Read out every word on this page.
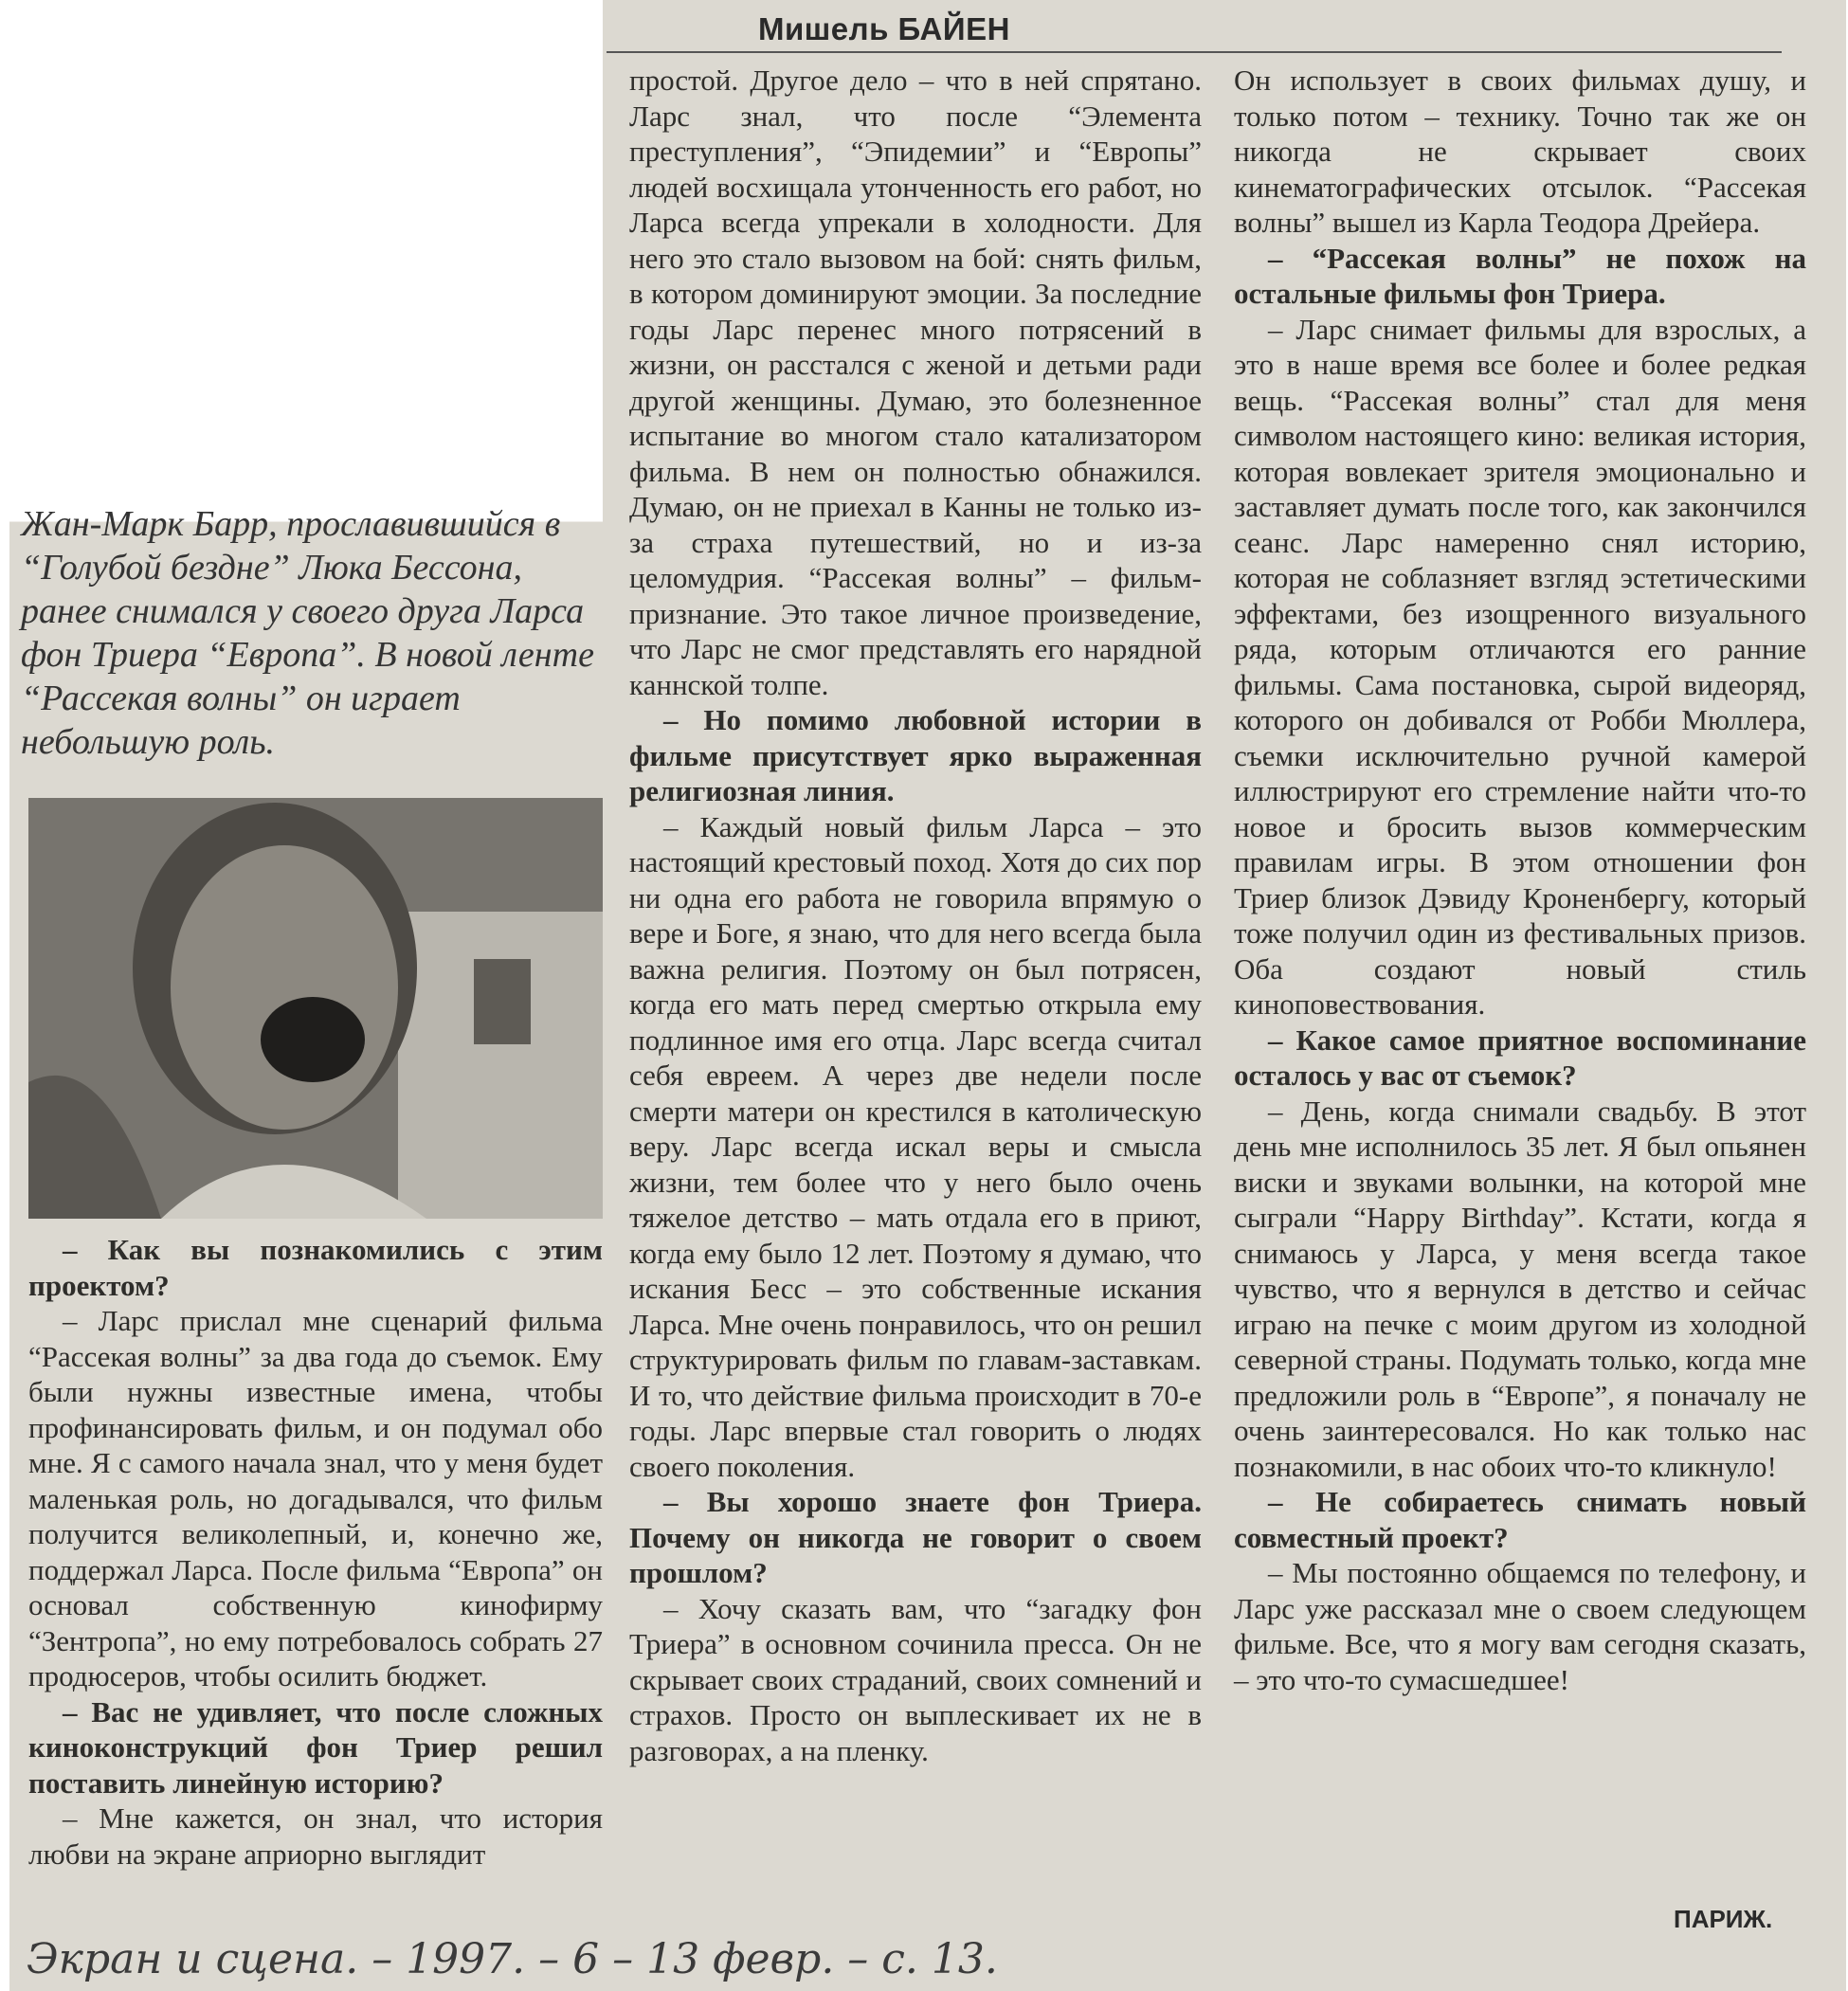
Мишель БАЙЕН
Жан-Марк Барр, прославившийся в “Голубой бездне” Люка Бессона, ранее снимался у своего друга Ларса фон Триера “Европа”. В новой ленте “Рассекая волны” он играет небольшую роль.

– Как вы познакомились с этим проектом?

– Ларс прислал мне сценарий фильма “Рассекая волны” за два года до съемок. Ему были нужны известные имена, чтобы профинансировать фильм, и он подумал обо мне. Я с самого начала знал, что у меня будет маленькая роль, но догадывался, что фильм получится великолепный, и, конечно же, поддержал Ларса. После фильма “Европа” он основал собственную кинофирму “Зентропа”, но ему потребовалось собрать 27 продюсеров, чтобы осилить бюджет.

– Вас не удивляет, что после сложных киноконструкций фон Триер решил поставить линейную историю?

– Мне кажется, он знал, что история любви на экране априорно выглядит

простой. Другое дело – что в ней спрятано. Ларс знал, что после “Элемента преступления”, “Эпидемии” и “Европы” людей восхищала утонченность его работ, но Ларса всегда упрекали в холодности. Для него это стало вызовом на бой: снять фильм, в котором доминируют эмоции. За последние годы Ларс перенес много потрясений в жизни, он расстался с женой и детьми ради другой женщины. Думаю, это болезненное испытание во многом стало катализатором фильма. В нем он полностью обнажился. Думаю, он не приехал в Канны не только из-за страха путешествий, но и из-за целомудрия. “Рассекая волны” – фильм-признание. Это такое личное произведение, что Ларс не смог представлять его нарядной каннской толпе.

– Но помимо любовной истории в фильме присутствует ярко выраженная религиозная линия.

– Каждый новый фильм Ларса – это настоящий крестовый поход. Хотя до сих пор ни одна его работа не говорила впрямую о вере и Боге, я знаю, что для него всегда была важна религия. Поэтому он был потрясен, когда его мать перед смертью открыла ему подлинное имя его отца. Ларс всегда считал себя евреем. А через две недели после смерти матери он крестился в католическую веру. Ларс всегда искал веры и смысла жизни, тем более что у него было очень тяжелое детство – мать отдала его в приют, когда ему было 12 лет. Поэтому я думаю, что искания Бесс – это собственные искания Ларса. Мне очень понравилось, что он решил структурировать фильм по главам-заставкам. И то, что действие фильма происходит в 70-е годы. Ларс впервые стал говорить о людях своего поколения.

– Вы хорошо знаете фон Триера. Почему он никогда не говорит о своем прошлом?

– Хочу сказать вам, что “загадку фон Триера” в основном сочинила пресса. Он не скрывает своих страданий, своих сомнений и страхов. Просто он выплескивает их не в разговорах, а на пленку.

Он использует в своих фильмах душу, и только потом – технику. Точно так же он никогда не скрывает своих кинематографических отсылок. “Рассекая волны” вышел из Карла Теодора Дрейера.

– “Рассекая волны” не похож на остальные фильмы фон Триера.

– Ларс снимает фильмы для взрослых, а это в наше время все более и более редкая вещь. “Рассекая волны” стал для меня символом настоящего кино: великая история, которая вовлекает зрителя эмоционально и заставляет думать после того, как закончился сеанс. Ларс намеренно снял историю, которая не соблазняет взгляд эстетическими эффектами, без изощренного визуального ряда, которым отличаются его ранние фильмы. Сама постановка, сырой видеоряд, которого он добивался от Робби Мюллера, съемки исключительно ручной камерой иллюстрируют его стремление найти что-то новое и бросить вызов коммерческим правилам игры. В этом отношении фон Триер близок Дэвиду Кроненбергу, который тоже получил один из фестивальных призов. Оба создают новый стиль киноповествования.

– Какое самое приятное воспоминание осталось у вас от съемок?

– День, когда снимали свадьбу. В этот день мне исполнилось 35 лет. Я был опьянен виски и звуками волынки, на которой мне сыграли “Happy Birthday”. Кстати, когда я снимаюсь у Ларса, у меня всегда такое чувство, что я вернулся в детство и сейчас играю на печке с моим другом из холодной северной страны. Подумать только, когда мне предложили роль в “Европе”, я поначалу не очень заинтересовался. Но как только нас познакомили, в нас обоих что-то кликнуло!

– Не собираетесь снимать новый совместный проект?

– Мы постоянно общаемся по телефону, и Ларс уже рассказал мне о своем следующем фильме. Все, что я могу вам сегодня сказать, – это что-то сумасшедшее!

ПАРИЖ.
Экран и сцена. – 1997. – 6 – 13 февр. – с. 13.
